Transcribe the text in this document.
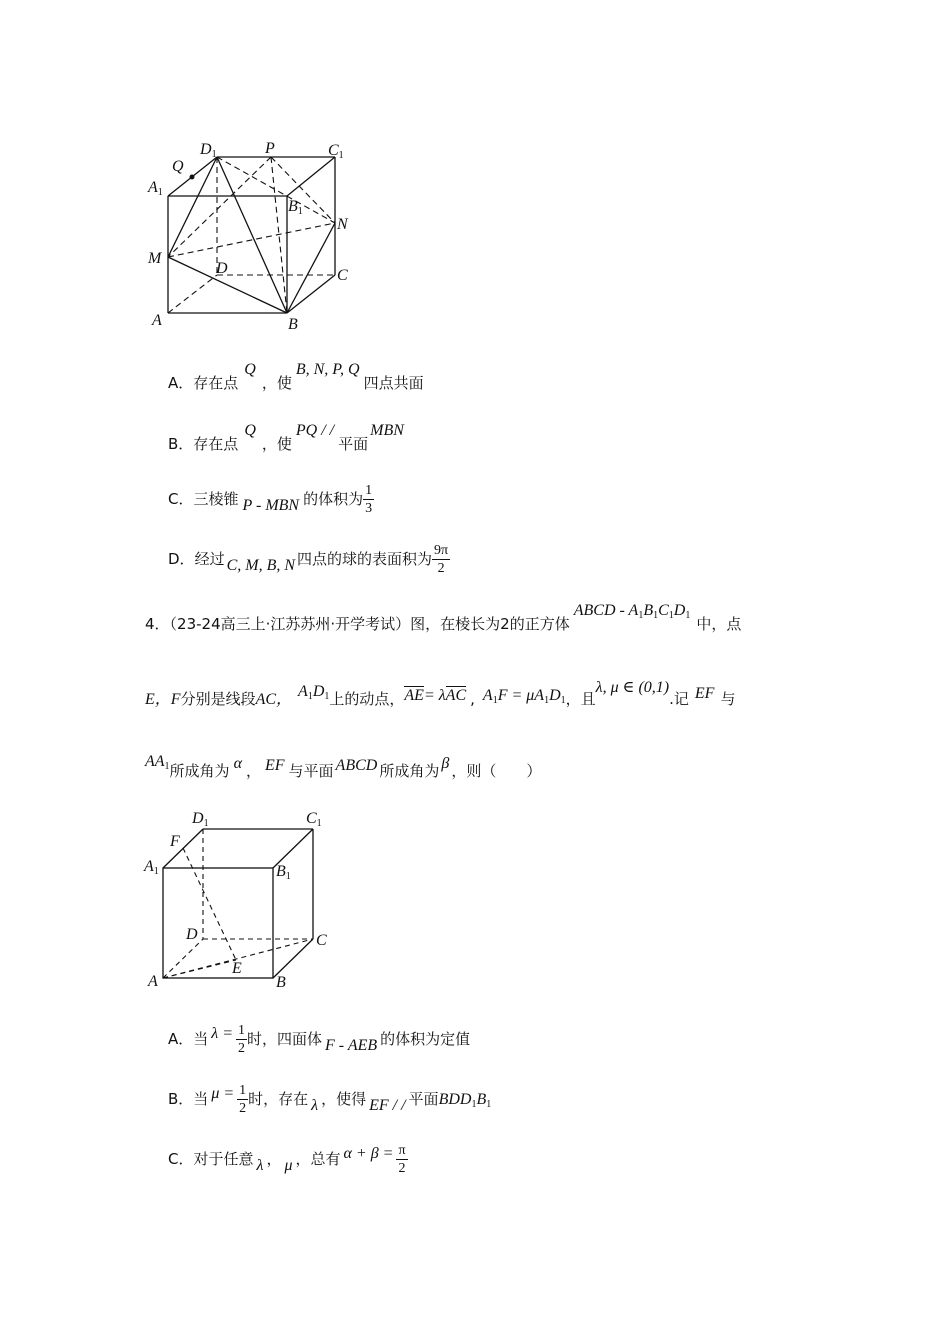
D1	P	C1
Q
A1
B1
N
M
D	C
A	B
A．存在点Q，使B, N, P, Q四点共面
B．存在点Q，使PQ / /平面MBN
C．三棱锥 P - MBN 的体积为 $\frac{1}{3}$
D．经过 C, M, B, N 四点的球的表面积为 $\frac{9\pi}{2}$
4．（23-24高三上·江苏苏州·开学考试）图，在棱长为2的正方体ABCD - $A_1B_1C_1D_1$ 中，点
E，F分别是线段AC， $A_1D_1$上的动点，AE= λAC , $A_1F = \mu A_1D_1$，且λ, μ ∈ (0,1).记 EF 与
$AA_1$所成角为 α ， EF 与平面 ABCD 所成角为 β ，则（　　）
D1	C1
F
A1	B1
D	C
E
A	B
A．当 $\lambda = \frac{1}{2}$ 时，四面体 F - AEB 的体积为定值
B．当 $\mu = \frac{1}{2}$ 时，存在 λ ，使得 EF / / 平面$BDD_1B_1$
C．对于任意 λ ， μ ，总有 $\alpha + \beta = \frac{\pi}{2}$
